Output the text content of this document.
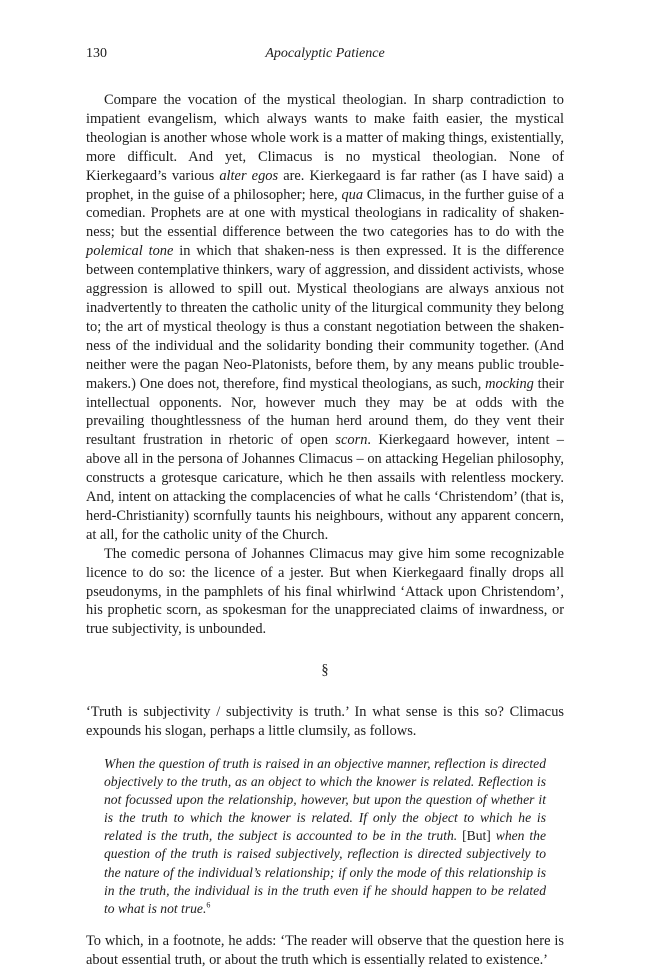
130	Apocalyptic Patience

Compare the vocation of the mystical theologian. In sharp contradiction to impatient evangelism, which always wants to make faith easier, the mystical theologian is another whose whole work is a matter of making things, existentially, more difficult. And yet, Climacus is no mystical theologian. None of Kierkegaard’s various alter egos are. Kierkegaard is far rather (as I have said) a prophet, in the guise of a philosopher; here, qua Climacus, in the further guise of a comedian. Prophets are at one with mystical theologians in radicality of shaken-ness; but the essential difference between the two categories has to do with the polemical tone in which that shaken-ness is then expressed. It is the difference between contemplative thinkers, wary of aggression, and dissident activists, whose aggression is allowed to spill out. Mystical theologians are always anxious not inadvertently to threaten the catholic unity of the liturgical community they belong to; the art of mystical theology is thus a constant negotiation between the shaken-ness of the individual and the solidarity bonding their community together. (And neither were the pagan Neo-Platonists, before them, by any means public trouble-makers.) One does not, therefore, find mystical theologians, as such, mocking their intellectual opponents. Nor, however much they may be at odds with the prevailing thoughtlessness of the human herd around them, do they vent their resultant frustration in rhetoric of open scorn. Kierkegaard however, intent – above all in the persona of Johannes Climacus – on attacking Hegelian philosophy, constructs a grotesque caricature, which he then assails with relentless mockery. And, intent on attacking the complacencies of what he calls ‘Christendom’ (that is, herd-Christianity) scornfully taunts his neighbours, without any apparent concern, at all, for the catholic unity of the Church.

The comedic persona of Johannes Climacus may give him some recognizable licence to do so: the licence of a jester. But when Kierkegaard finally drops all pseudonyms, in the pamphlets of his final whirlwind ‘Attack upon Christendom’, his prophetic scorn, as spokesman for the unappreciated claims of inwardness, or true subjectivity, is unbounded.

§

‘Truth is subjectivity / subjectivity is truth.’ In what sense is this so? Climacus expounds his slogan, perhaps a little clumsily, as follows.

When the question of truth is raised in an objective manner, reflection is directed objectively to the truth, as an object to which the knower is related. Reflection is not focussed upon the relationship, however, but upon the question of whether it is the truth to which the knower is related. If only the object to which he is related is the truth, the subject is accounted to be in the truth. [But] when the question of the truth is raised subjectively, reflection is directed subjectively to the nature of the individual’s relationship; if only the mode of this relationship is in the truth, the individual is in the truth even if he should happen to be related to what is not true.$^6$

To which, in a footnote, he adds: ‘The reader will observe that the question here is about essential truth, or about the truth which is essentially related to existence.’
